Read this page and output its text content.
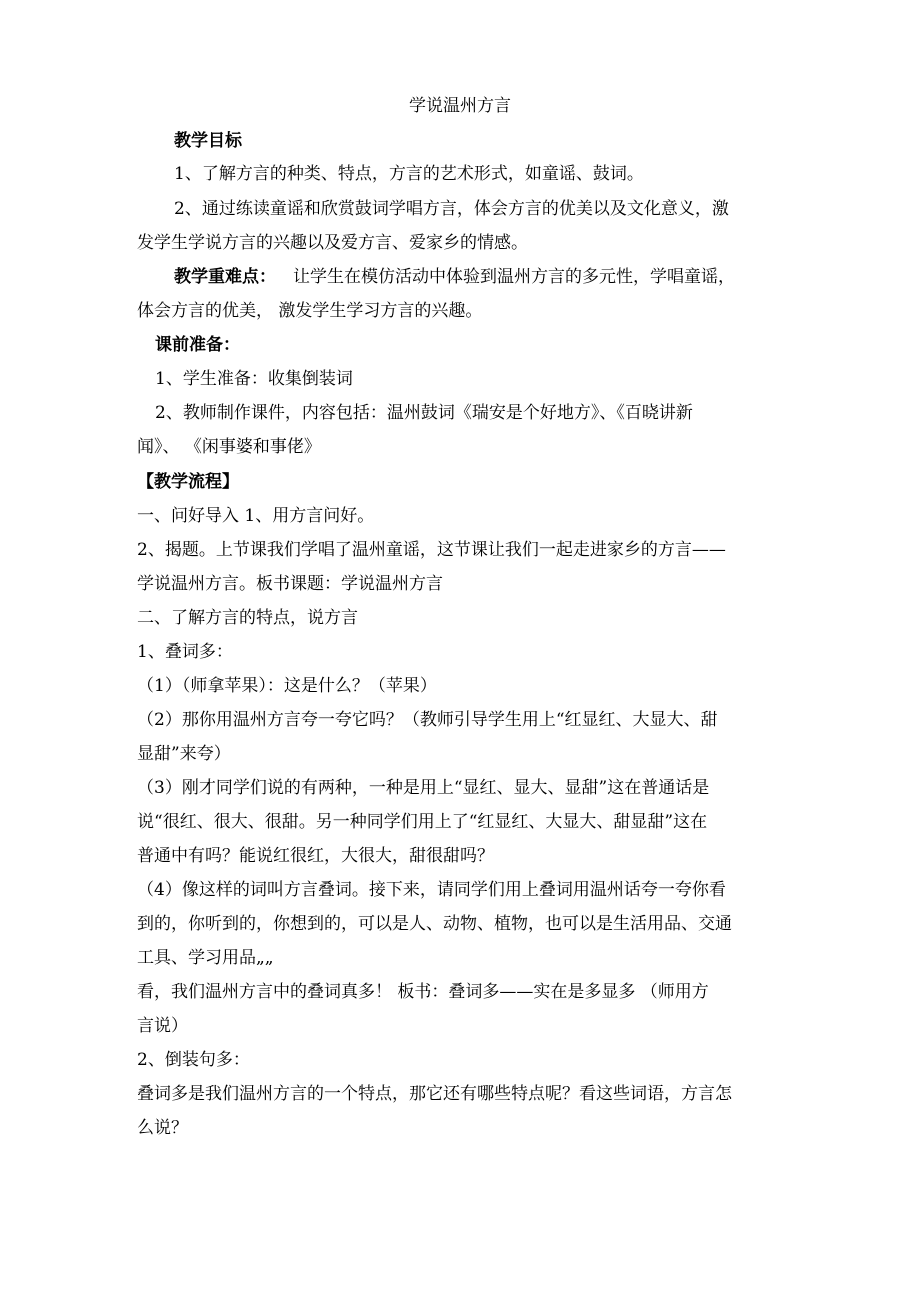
学说温州方言
教学目标
1、了解方言的种类、特点，方言的艺术形式，如童谣、鼓词。
2、通过练读童谣和欣赏鼓词学唱方言，体会方言的优美以及文化意义，激
发学生学说方言的兴趣以及爱方言、爱家乡的情感。
教学重难点： 让学生在模仿活动中体验到温州方言的多元性，学唱童谣，
体会方言的优美， 激发学生学习方言的兴趣。
课前准备：
1、学生准备：收集倒装词
2、教师制作课件，内容包括：温州鼓词《瑞安是个好地方》、《百晓讲新
闻》、 《闲事婆和事佬》
【教学流程】
一、问好导入 1、用方言问好。
2、揭题。上节课我们学唱了温州童谣，这节课让我们一起走进家乡的方言——
学说温州方言。板书课题：学说温州方言
二、了解方言的特点，说方言
1、叠词多：
（1）（师拿苹果）：这是什么？（苹果）
（2）那你用温州方言夸一夸它吗？（教师引导学生用上“红显红、大显大、甜
显甜”来夸）
（3）刚才同学们说的有两种，一种是用上“显红、显大、显甜”这在普通话是
说“很红、很大、很甜。另一种同学们用上了“红显红、大显大、甜显甜”这在
普通中有吗？能说红很红，大很大，甜很甜吗？
（4）像这样的词叫方言叠词。接下来，请同学们用上叠词用温州话夸一夸你看
到的，你听到的，你想到的，可以是人、动物、植物，也可以是生活用品、交通
工具、学习用品„„
看，我们温州方言中的叠词真多！ 板书：叠词多——实在是多显多 （师用方
言说）
2、倒装句多：
叠词多是我们温州方言的一个特点，那它还有哪些特点呢？看这些词语，方言怎
么说？
